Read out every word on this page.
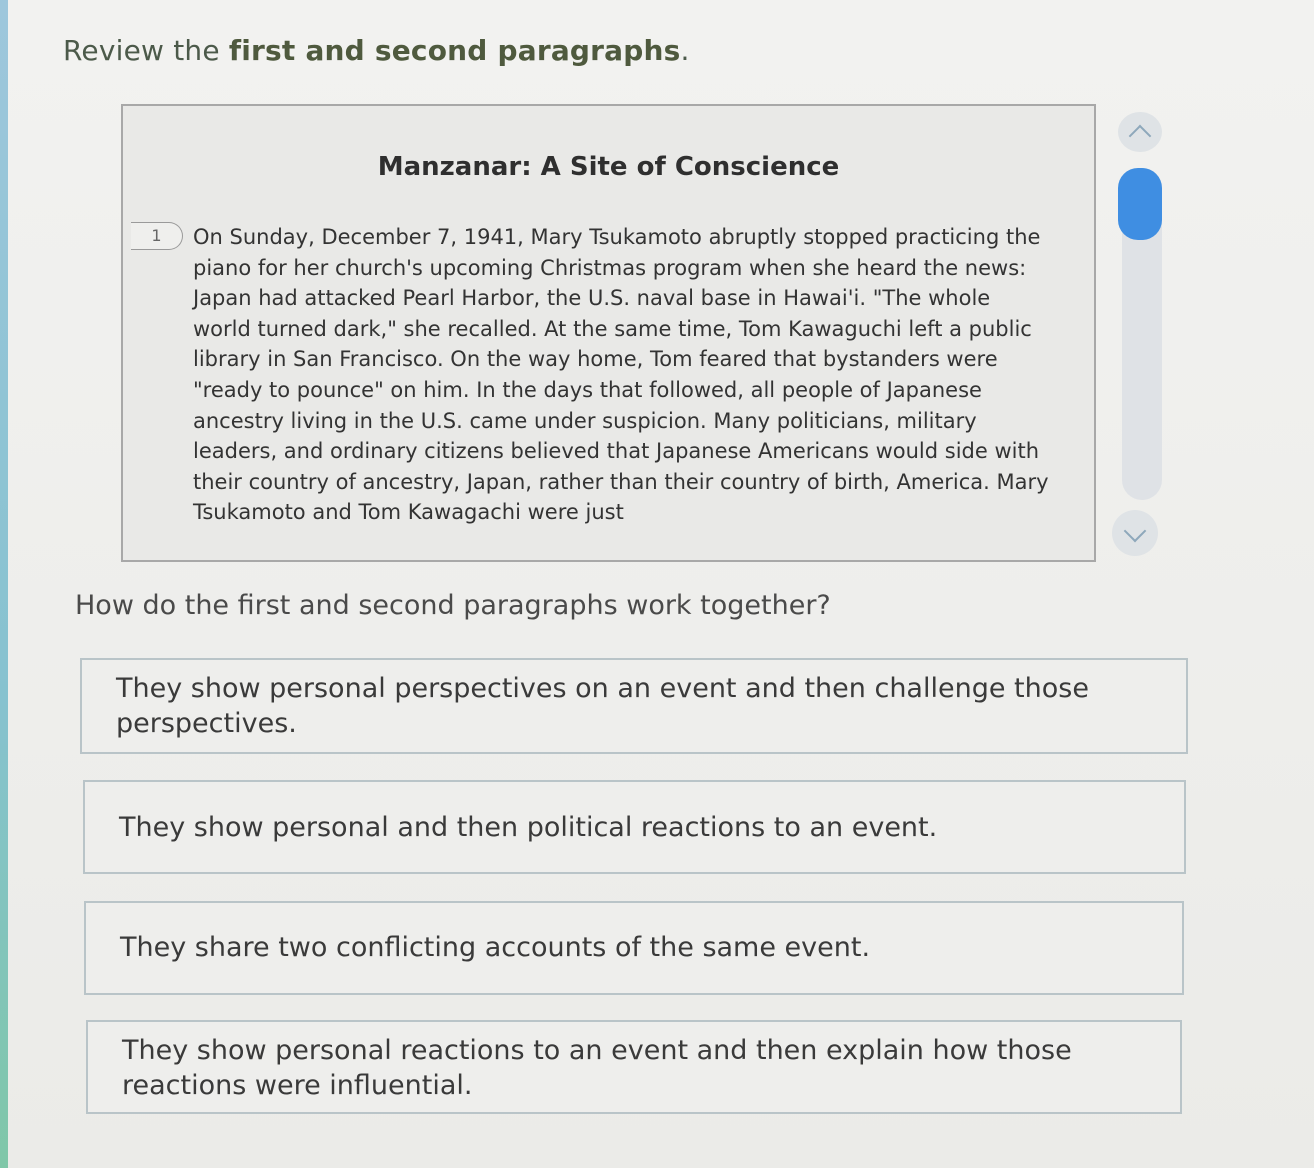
Review the first and second paragraphs.
Manzanar: A Site of Conscience
1	On Sunday, December 7, 1941, Mary Tsukamoto abruptly stopped practicing the piano for her church's upcoming Christmas program when she heard the news: Japan had attacked Pearl Harbor, the U.S. naval base in Hawai'i. "The whole world turned dark," she recalled. At the same time, Tom Kawaguchi left a public library in San Francisco. On the way home, Tom feared that bystanders were "ready to pounce" on him. In the days that followed, all people of Japanese ancestry living in the U.S. came under suspicion. Many politicians, military leaders, and ordinary citizens believed that Japanese Americans would side with their country of ancestry, Japan, rather than their country of birth, America. Mary Tsukamoto and Tom Kawagachi were just
How do the first and second paragraphs work together?
They show personal perspectives on an event and then challenge those perspectives.
They show personal and then political reactions to an event.
They share two conflicting accounts of the same event.
They show personal reactions to an event and then explain how those reactions were influential.
